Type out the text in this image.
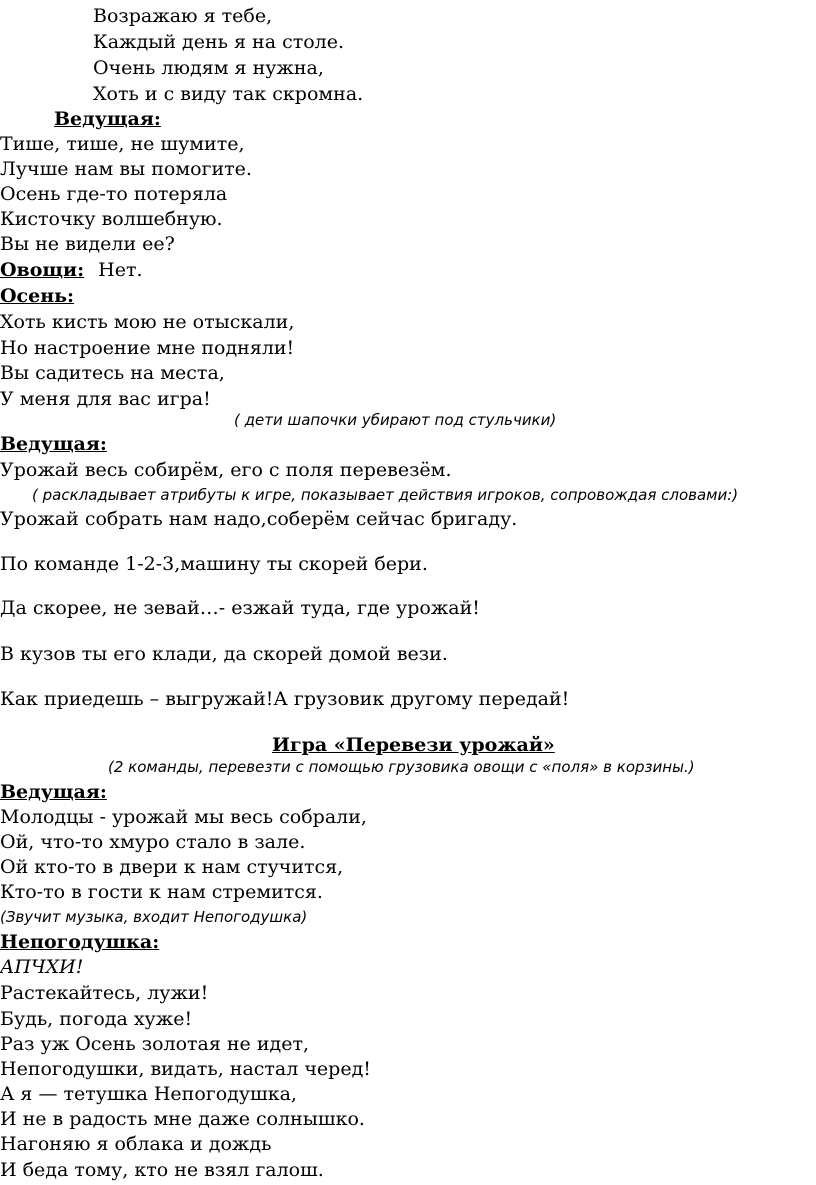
Возражаю я тебе,
Каждый день я на столе.
Очень людям я нужна,
Хоть и с виду так скромна.
Ведущая:
Тише, тише, не шумите,
Лучше нам вы помогите.
Осень где-то потеряла
Кисточку волшебную.
Вы не видели ее?
Овощи: Нет.
Осень:
Хоть кисть мою не отыскали,
Но настроение мне подняли!
Вы садитесь на места,
У меня для вас игра!
( дети шапочки убирают под стульчики)
Ведущая:
Урожай весь собирём, его с поля перевезём.
( раскладывает атрибуты к игре, показывает действия игроков, сопровождая словами:)
Урожай собрать нам надо,соберём сейчас бригаду.
По команде 1-2-3,машину ты скорей бери.
Да скорее, не зевай…- езжай туда, где урожай!
В кузов ты его клади, да скорей домой вези.
Как приедешь – выгружай!А грузовик другому передай!
Игра «Перевези урожай»
(2 команды, перевезти с помощью грузовика овощи с «поля» в корзины.)
Ведущая:
Молодцы - урожай мы весь собрали,
Ой, что-то хмуро стало в зале.
Ой кто-то в двери к нам стучится,
Кто-то в гости к нам стремится.
(Звучит музыка, входит Непогодушка)
Непогодушка:
АПЧХИ!
Растекайтесь, лужи!
Будь, погода хуже!
Раз уж Осень золотая не идет,
Непогодушки, видать, настал черед!
А я — тетушка Непогодушка,
И не в радость мне даже солнышко.
Нагоняю я облака и дождь
И беда тому, кто не взял галош.
